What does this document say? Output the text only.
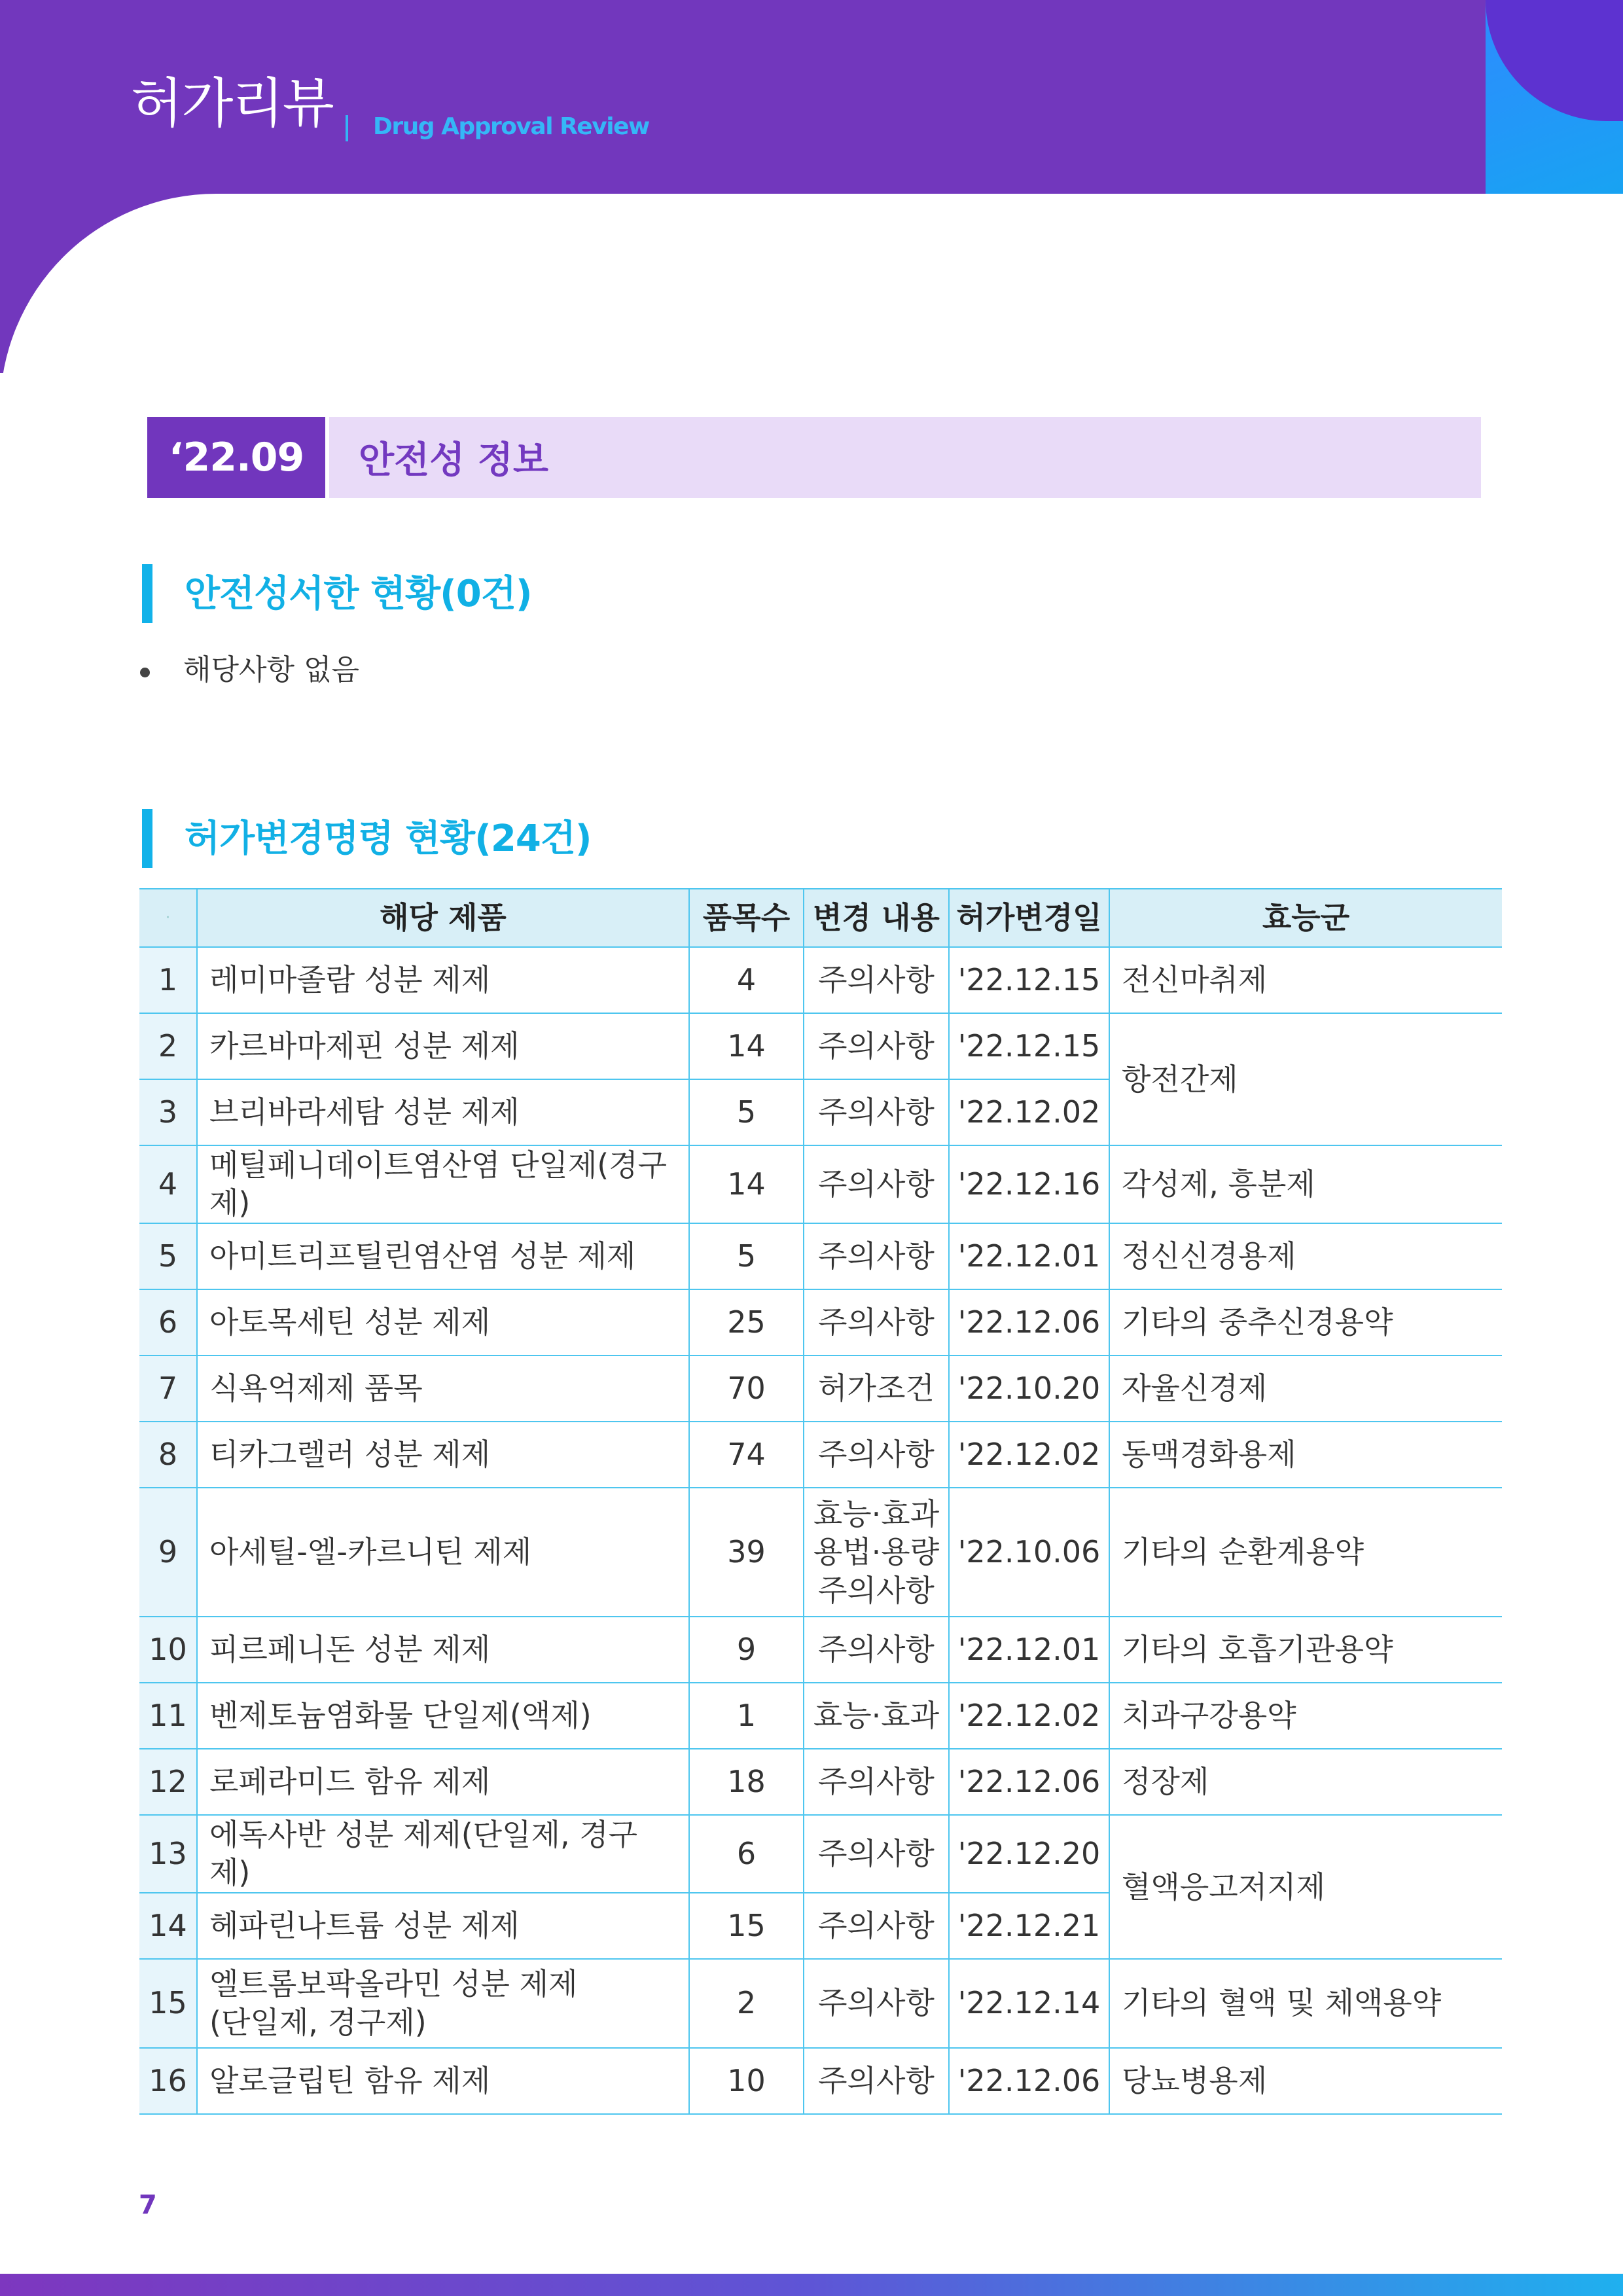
허가리뷰 Drug Approval Review
‘22.09	안전성 정보
안전성서한 현황(0건)
해당사항 없음
허가변경명령 현황(24건)
·	해당 제품	품목수	변경 내용	허가변경일	효능군
1	레미마졸람 성분 제제	4	주의사항	'22.12.15	전신마취제
2	카르바마제핀 성분 제제	14	주의사항	'22.12.15	항전간제
3	브리바라세탐 성분 제제	5	주의사항	'22.12.02	
4	메틸페니데이트염산염 단일제(경구제)	14	주의사항	'22.12.16	각성제, 흥분제
5	아미트리프틸린염산염 성분 제제	5	주의사항	'22.12.01	정신신경용제
6	아토목세틴 성분 제제	25	주의사항	'22.12.06	기타의 중추신경용약
7	식욕억제제 품목	70	허가조건	'22.10.20	자율신경제
8	티카그렐러 성분 제제	74	주의사항	'22.12.02	동맥경화용제
9	아세틸-엘-카르니틴 제제	39	효능·효과
용법·용량
주의사항	'22.10.06	기타의 순환계용약
10	피르페니돈 성분 제제	9	주의사항	'22.12.01	기타의 호흡기관용약
11	벤제토늄염화물 단일제(액제)	1	효능·효과	'22.12.02	치과구강용약
12	로페라미드 함유 제제	18	주의사항	'22.12.06	정장제
13	에독사반 성분 제제(단일제, 경구제)	6	주의사항	'22.12.20	혈액응고저지제
14	헤파린나트륨 성분 제제	15	주의사항	'22.12.21	
15	엘트롬보팍올라민 성분 제제
(단일제, 경구제)	2	주의사항	'22.12.14	기타의 혈액 및 체액용약
16	알로글립틴 함유 제제	10	주의사항	'22.12.06	당뇨병용제
7
